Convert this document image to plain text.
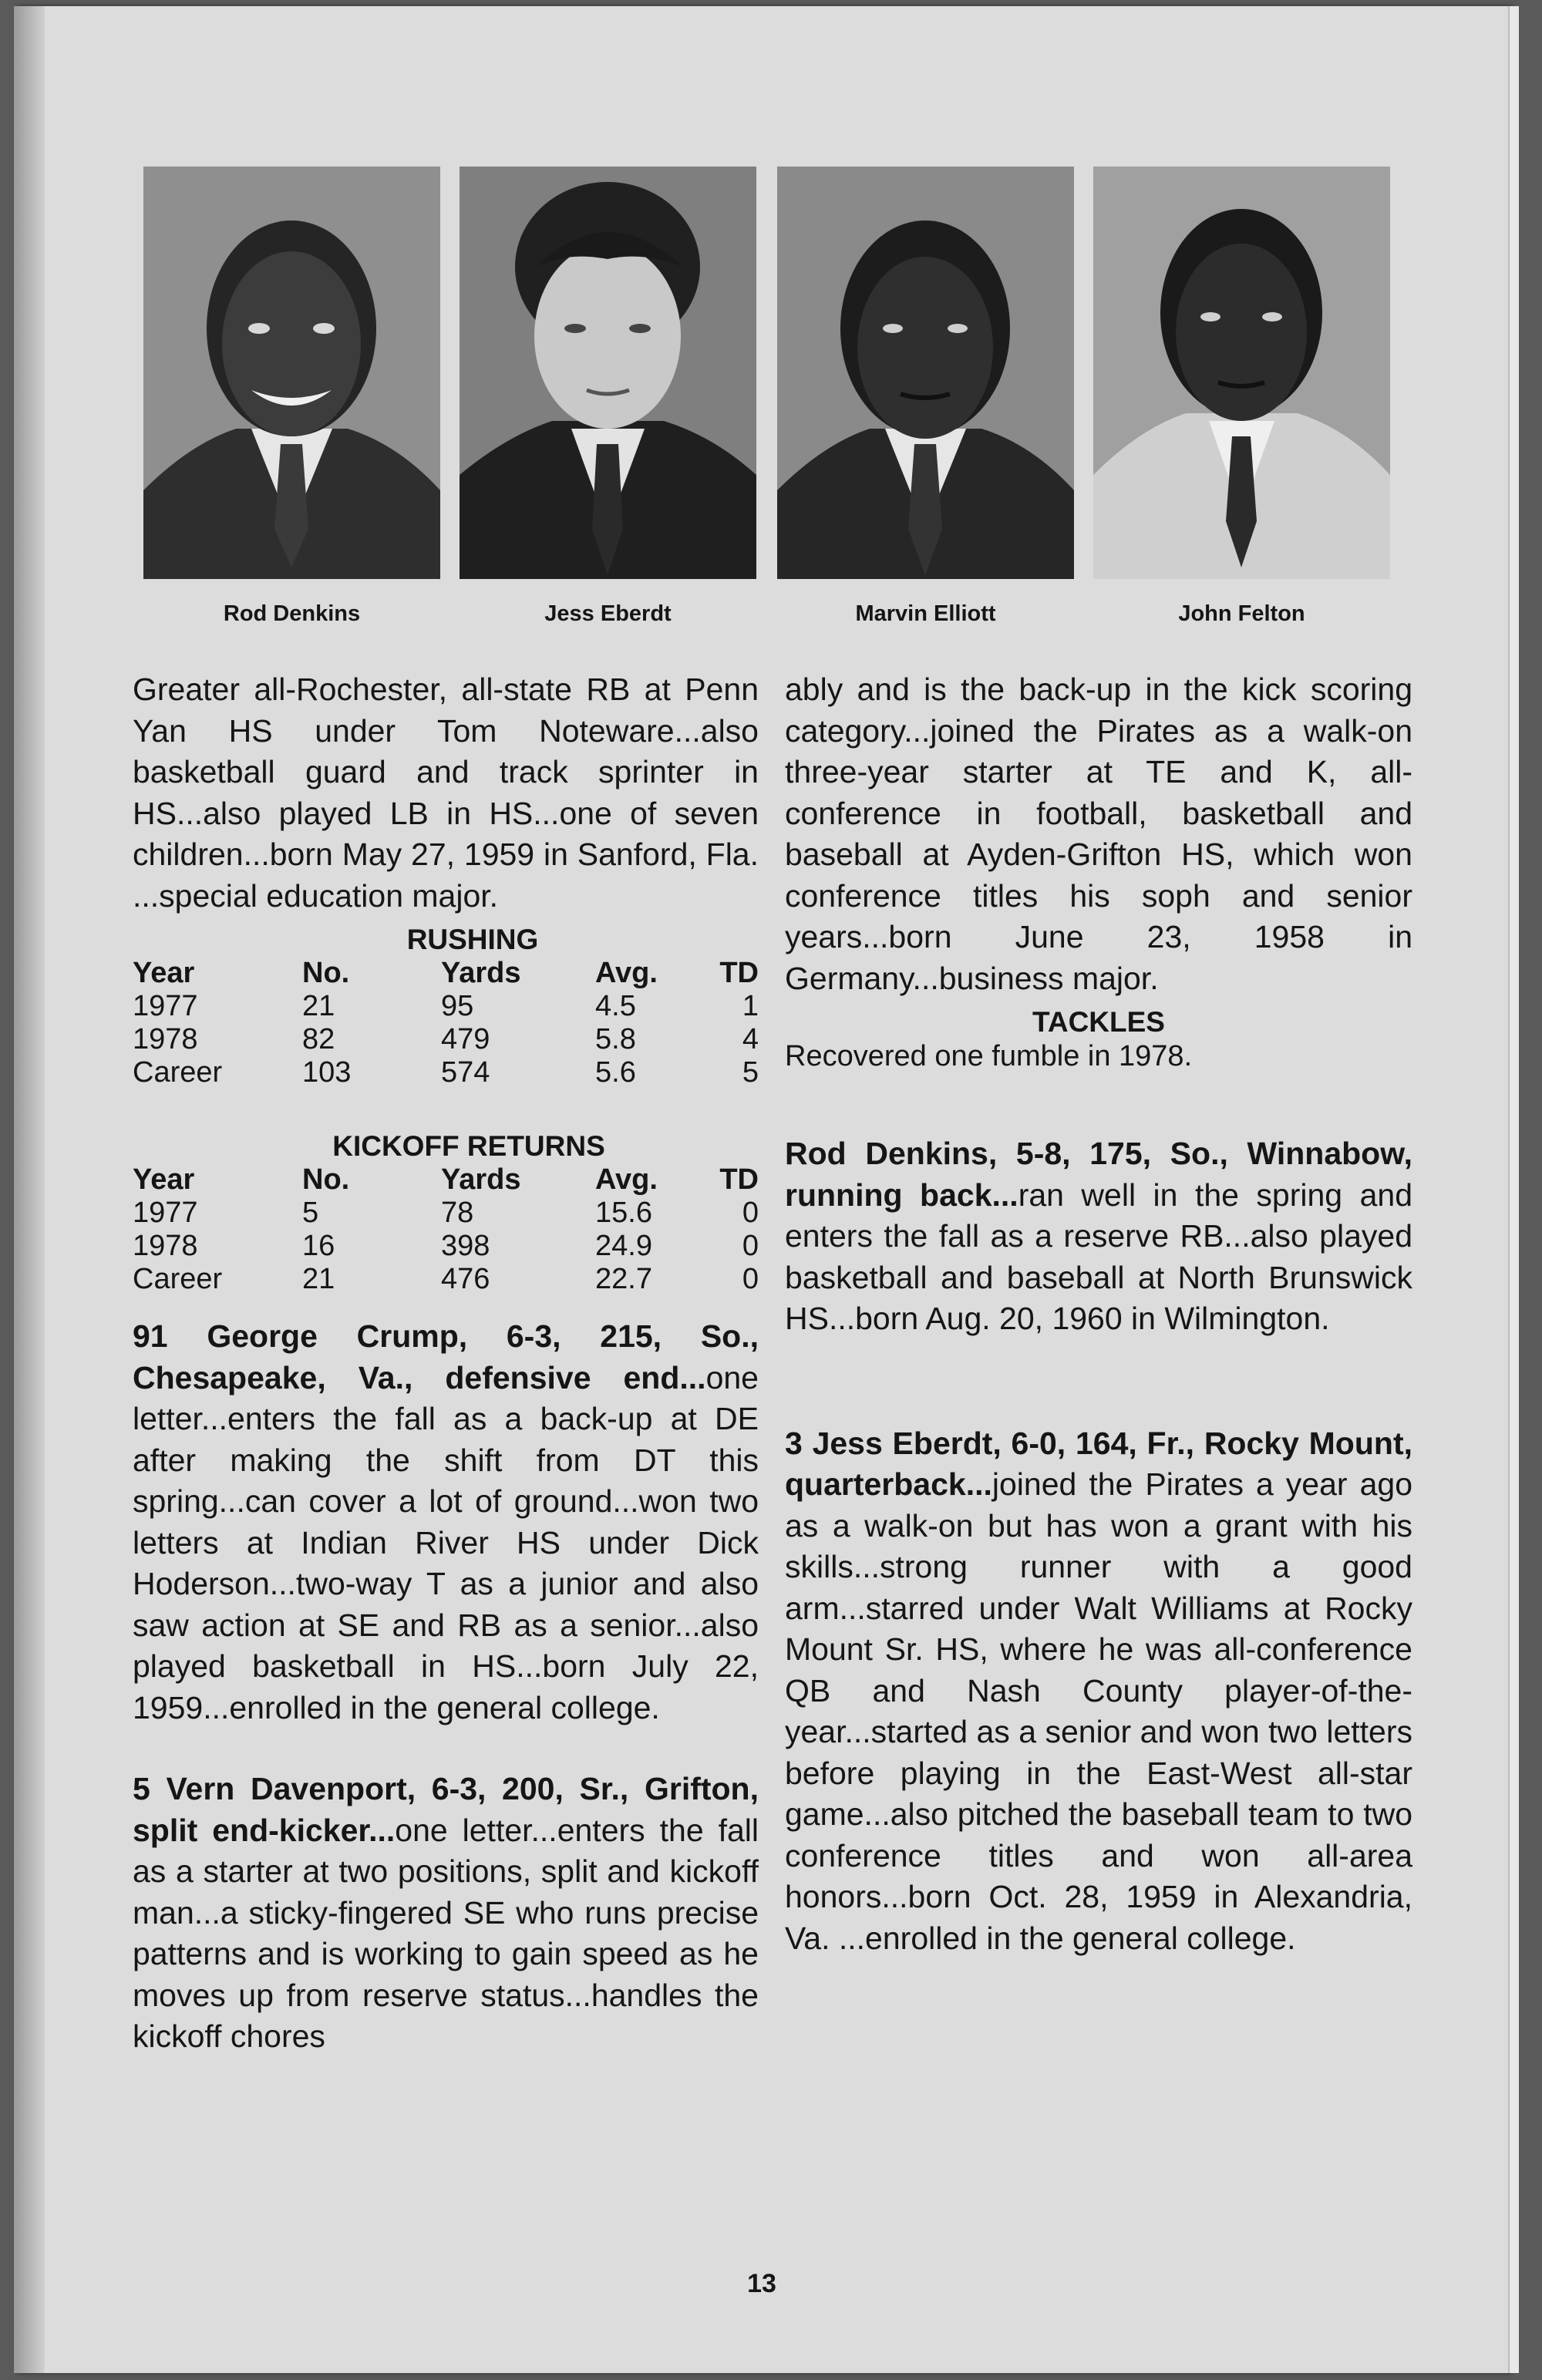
Rod Denkins	Jess Eberdt	Marvin Elliott	John Felton
Greater all-Rochester, all-state RB at Penn Yan HS under Tom Noteware...also basketball guard and track sprinter in HS...also played LB in HS...one of seven children...born May 27, 1959 in Sanford, Fla. ...special education major.
RUSHING
Year	No.	Yards	Avg.	TD
1977	21	95	4.5	1
1978	82	479	5.8	4
Career	103	574	5.6	5
KICKOFF RETURNS
Year	No.	Yards	Avg.	TD
1977	5	78	15.6	0
1978	16	398	24.9	0
Career	21	476	22.7	0
91 George Crump, 6-3, 215, So., Chesapeake, Va., defensive end...one letter...enters the fall as a back-up at DE after making the shift from DT this spring...can cover a lot of ground...won two letters at Indian River HS under Dick Hoderson...two-way T as a junior and also saw action at SE and RB as a senior...also played basketball in HS...born July 22, 1959...enrolled in the general college.
5 Vern Davenport, 6-3, 200, Sr., Grifton, split end-kicker...one letter...enters the fall as a starter at two positions, split and kickoff man...a sticky-fingered SE who runs precise patterns and is working to gain speed as he moves up from reserve status...handles the kickoff chores
ably and is the back-up in the kick scoring category...joined the Pirates as a walk-on three-year starter at TE and K, all-conference in football, basketball and baseball at Ayden-Grifton HS, which won conference titles his soph and senior years...born June 23, 1958 in Germany...business major.
TACKLES
Recovered one fumble in 1978.
Rod Denkins, 5-8, 175, So., Winnabow, running back...ran well in the spring and enters the fall as a reserve RB...also played basketball and baseball at North Brunswick HS...born Aug. 20, 1960 in Wilmington.
3 Jess Eberdt, 6-0, 164, Fr., Rocky Mount, quarterback...joined the Pirates a year ago as a walk-on but has won a grant with his skills...strong runner with a good arm...starred under Walt Williams at Rocky Mount Sr. HS, where he was all-conference QB and Nash County player-of-the-year...started as a senior and won two letters before playing in the East-West all-star game...also pitched the baseball team to two conference titles and won all-area honors...born Oct. 28, 1959 in Alexandria, Va. ...enrolled in the general college.
13
